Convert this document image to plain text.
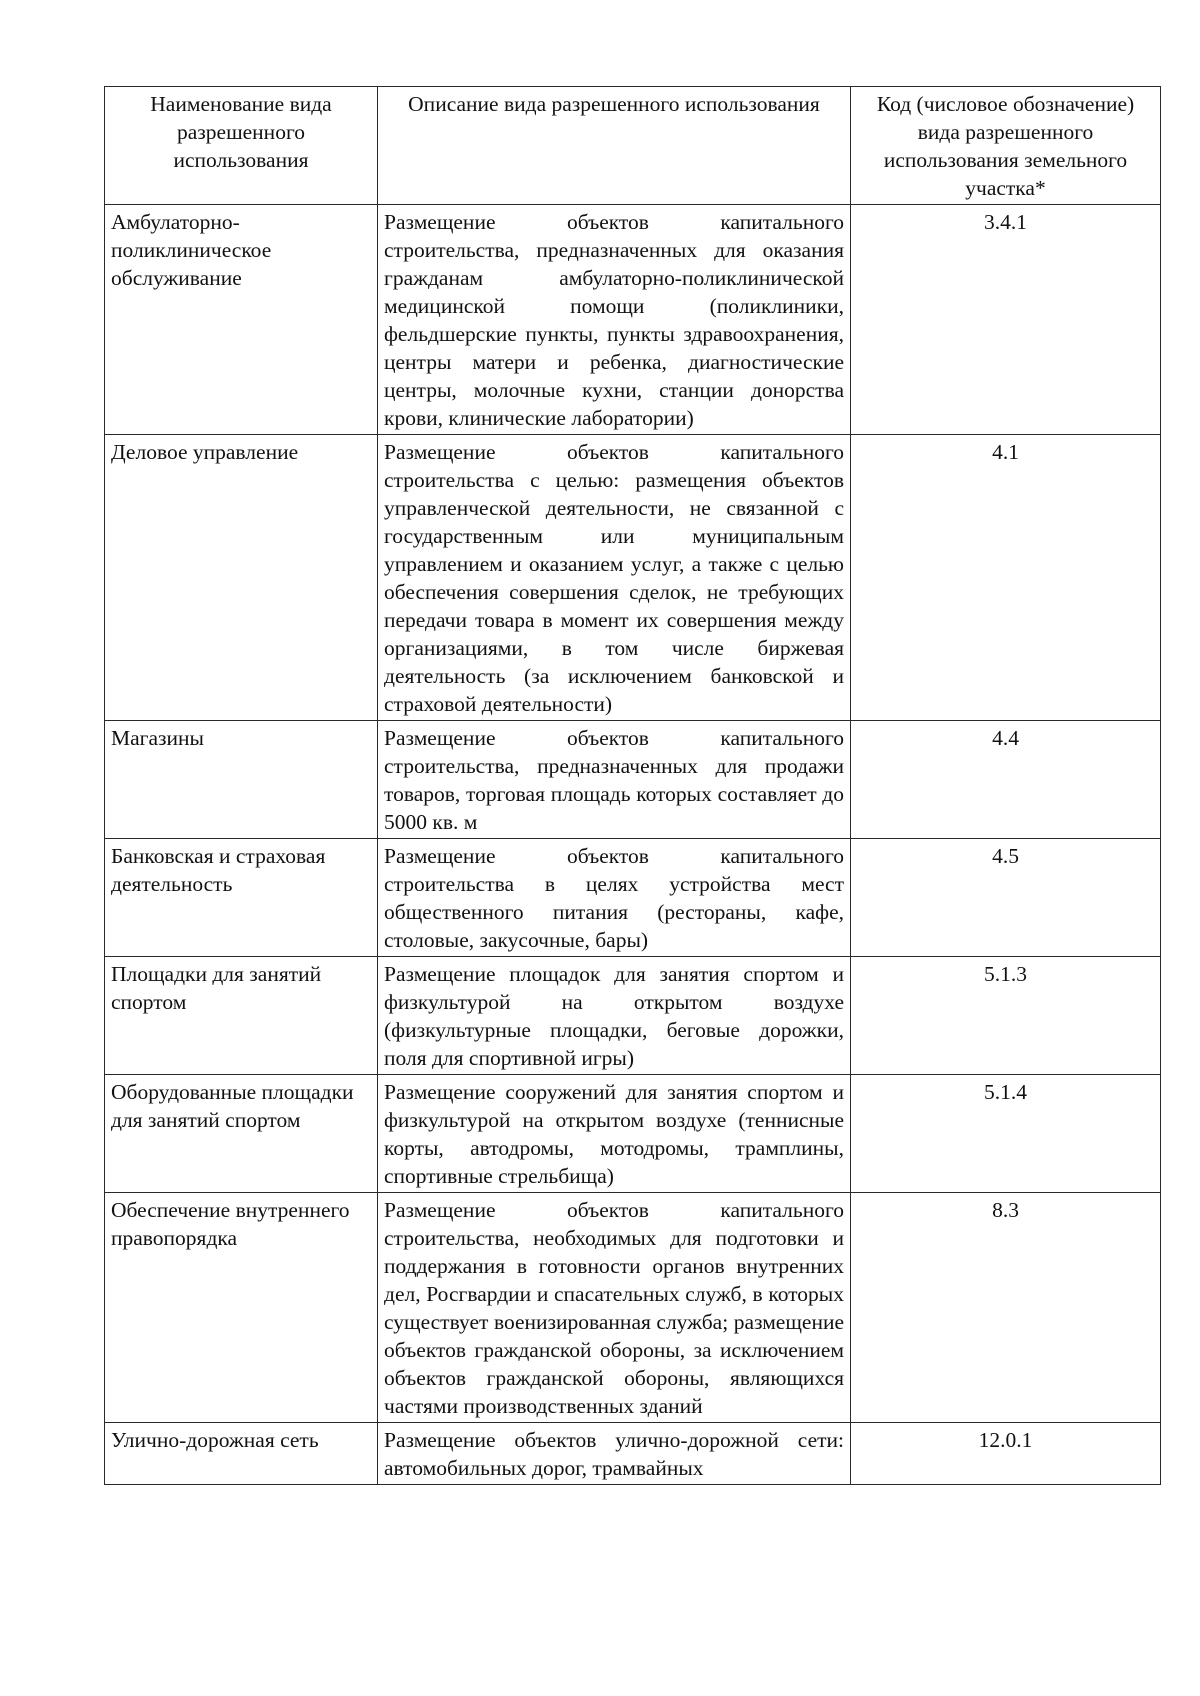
Наименование вида разрешенного использования	Описание вида разрешенного использования	Код (числовое обозначение) вида разрешенного использования земельного участка*
Амбулаторно-поликлиническое обслуживание	Размещение объектов капитального строительства, предназначенных для оказания гражданам амбулаторно-поликлинической медицинской помощи (поликлиники, фельдшерские пункты, пункты здравоохранения, центры матери и ребенка, диагностические центры, молочные кухни, станции донорства крови, клинические лаборатории)	3.4.1
Деловое управление	Размещение объектов капитального строительства с целью: размещения объектов управленческой деятельности, не связанной с государственным или муниципальным управлением и оказанием услуг, а также с целью обеспечения совершения сделок, не требующих передачи товара в момент их совершения между организациями, в том числе биржевая деятельность (за исключением банковской и страховой деятельности)	4.1
Магазины	Размещение объектов капитального строительства, предназначенных для продажи товаров, торговая площадь которых составляет до 5000 кв. м	4.4
Банковская и страховая деятельность	Размещение объектов капитального строительства в целях устройства мест общественного питания (рестораны, кафе, столовые, закусочные, бары)	4.5
Площадки для занятий спортом	Размещение площадок для занятия спортом и физкультурой на открытом воздухе (физкультурные площадки, беговые дорожки, поля для спортивной игры)	5.1.3
Оборудованные площадки для занятий спортом	Размещение сооружений для занятия спортом и физкультурой на открытом воздухе (теннисные корты, автодромы, мотодромы, трамплины, спортивные стрельбища)	5.1.4
Обеспечение внутреннего правопорядка	Размещение объектов капитального строительства, необходимых для подготовки и поддержания в готовности органов внутренних дел, Росгвардии и спасательных служб, в которых существует военизированная служба; размещение объектов гражданской обороны, за исключением объектов гражданской обороны, являющихся частями производственных зданий	8.3
Улично-дорожная сеть	Размещение объектов улично-дорожной сети: автомобильных дорог, трамвайных	12.0.1
